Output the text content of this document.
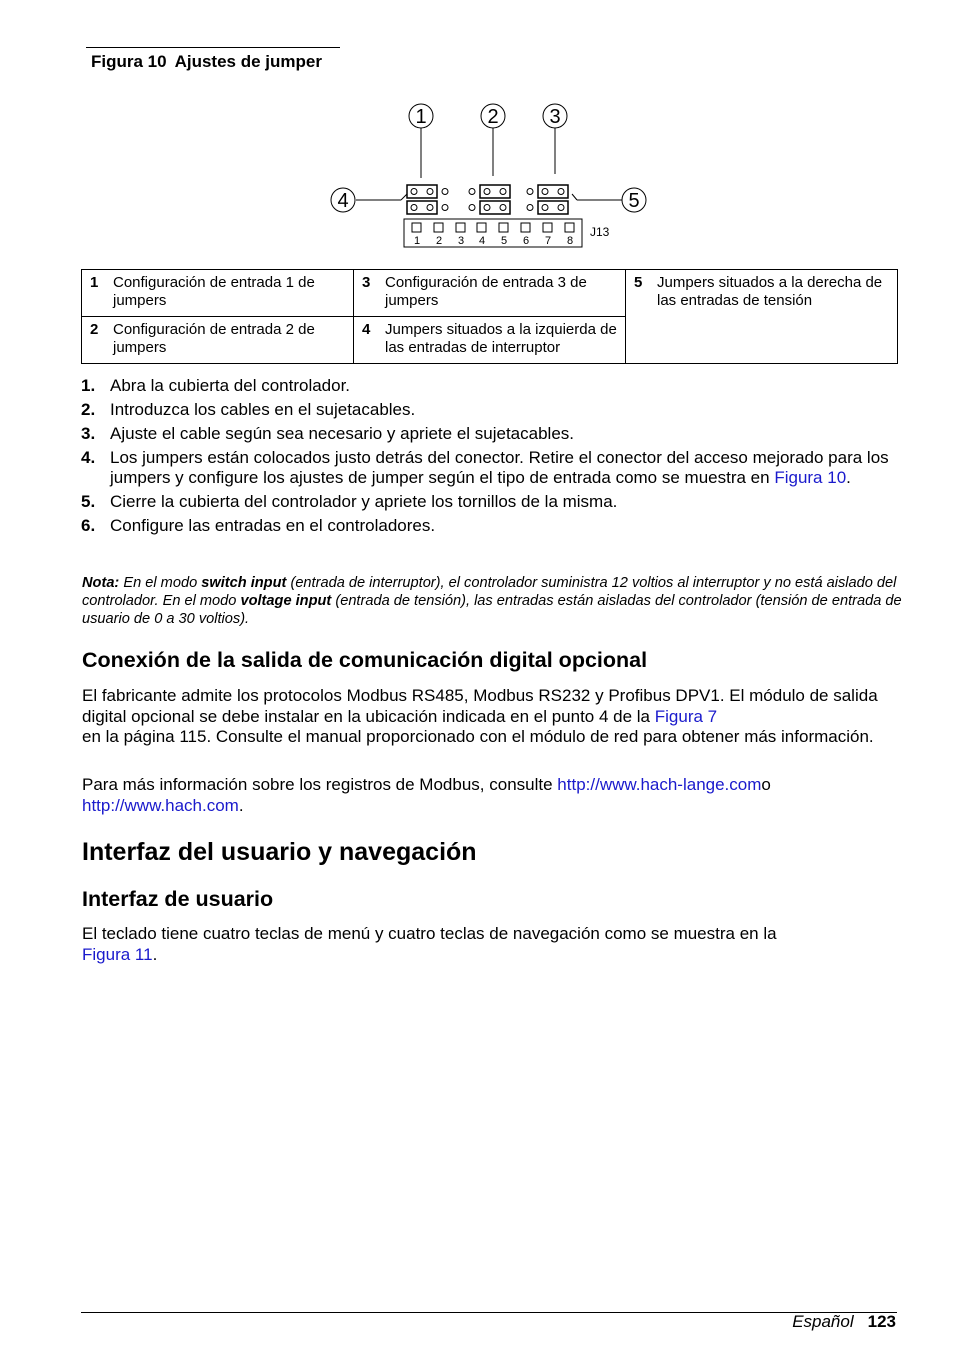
Figura 10 Ajustes de jumper
1	2	3
4	5
1 2 3 4 5 6 7 8
J13
1 Configuración de entrada 1 de jumpers	3 Configuración de entrada 3 de jumpers	5 Jumpers situados a la derecha de las entradas de tensión

2 Configuración de entrada 2 de jumpers	4 Jumpers situados a la izquierda de las entradas de interruptor	
1. Abra la cubierta del controlador.
2. Introduzca los cables en el sujetacables.
3. Ajuste el cable según sea necesario y apriete el sujetacables.
4. Los jumpers están colocados justo detrás del conector. Retire el conector del acceso mejorado para los jumpers y configure los ajustes de jumper según el tipo de entrada como se muestra en Figura 10.
5. Cierre la cubierta del controlador y apriete los tornillos de la misma.
6. Configure las entradas en el controladores.
Nota: En el modo switch input (entrada de interruptor), el controlador suministra 12 voltios al interruptor y no está aislado del controlador. En el modo voltage input (entrada de tensión), las entradas están aisladas del controlador (tensión de entrada de usuario de 0 a 30 voltios).
Conexión de la salida de comunicación digital opcional

El fabricante admite los protocolos Modbus RS485, Modbus RS232 y Profibus DPV1. El módulo de salida digital opcional se debe instalar en la ubicación indicada en el punto 4 de la Figura 7
en la página 115. Consulte el manual proporcionado con el módulo de red para obtener más información.

Para más información sobre los registros de Modbus, consulte http://www.hach-lange.como
http://www.hach.com.

Interfaz del usuario y navegación
Interfaz de usuario

El teclado tiene cuatro teclas de menú y cuatro teclas de navegación como se muestra en la
Figura 11.

Español 123
